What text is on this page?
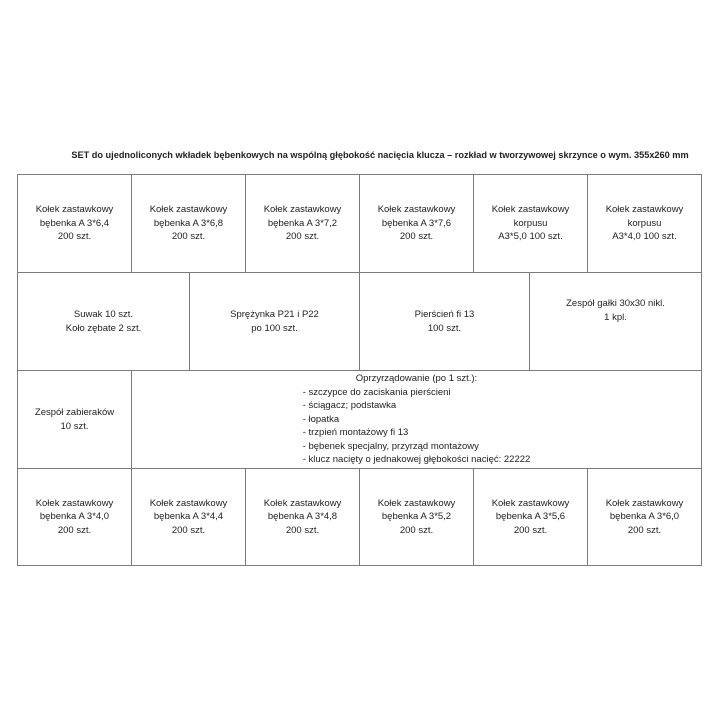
SET do ujednoliconych wkładek bębenkowych na wspólną głębokość nacięcia klucza – rozkład w tworzywowej skrzynce o wym. 355x260 mm
Kołek zastawkowy
bębenka A 3*6,4
200 szt.
Kołek zastawkowy
bębenka A 3*6,8
200 szt.
Kołek zastawkowy
bębenka A 3*7,2
200 szt.
Kołek zastawkowy
bębenka A 3*7,6
200 szt.
Kołek zastawkowy
korpusu
A3*5,0 100 szt.
Kołek zastawkowy
korpusu
A3*4,0 100 szt.
Suwak 10 szt.
Koło zębate 2 szt.
Sprężynka P21 i P22
po 100 szt.
Pierścień fi 13
100 szt.
Zespół gałki 30x30 nikl.
1 kpl.
Zespół zabieraków
10 szt.
Oprzyrządowanie (po 1 szt.):
- szczypce do zaciskania pierścieni
- ściągacz; podstawka
- łopatka
- trzpień montażowy fi 13
- bębenek specjalny, przyrząd montażowy
- klucz nacięty o jednakowej głębokości nacięć: 22222
Kołek zastawkowy
bębenka A 3*4,0
200 szt.
Kołek zastawkowy
bębenka A 3*4,4
200 szt.
Kołek zastawkowy
bębenka A 3*4,8
200 szt.
Kołek zastawkowy
bębenka A 3*5,2
200 szt.
Kołek zastawkowy
bębenka A 3*5,6
200 szt.
Kołek zastawkowy
bębenka A 3*6,0
200 szt.
